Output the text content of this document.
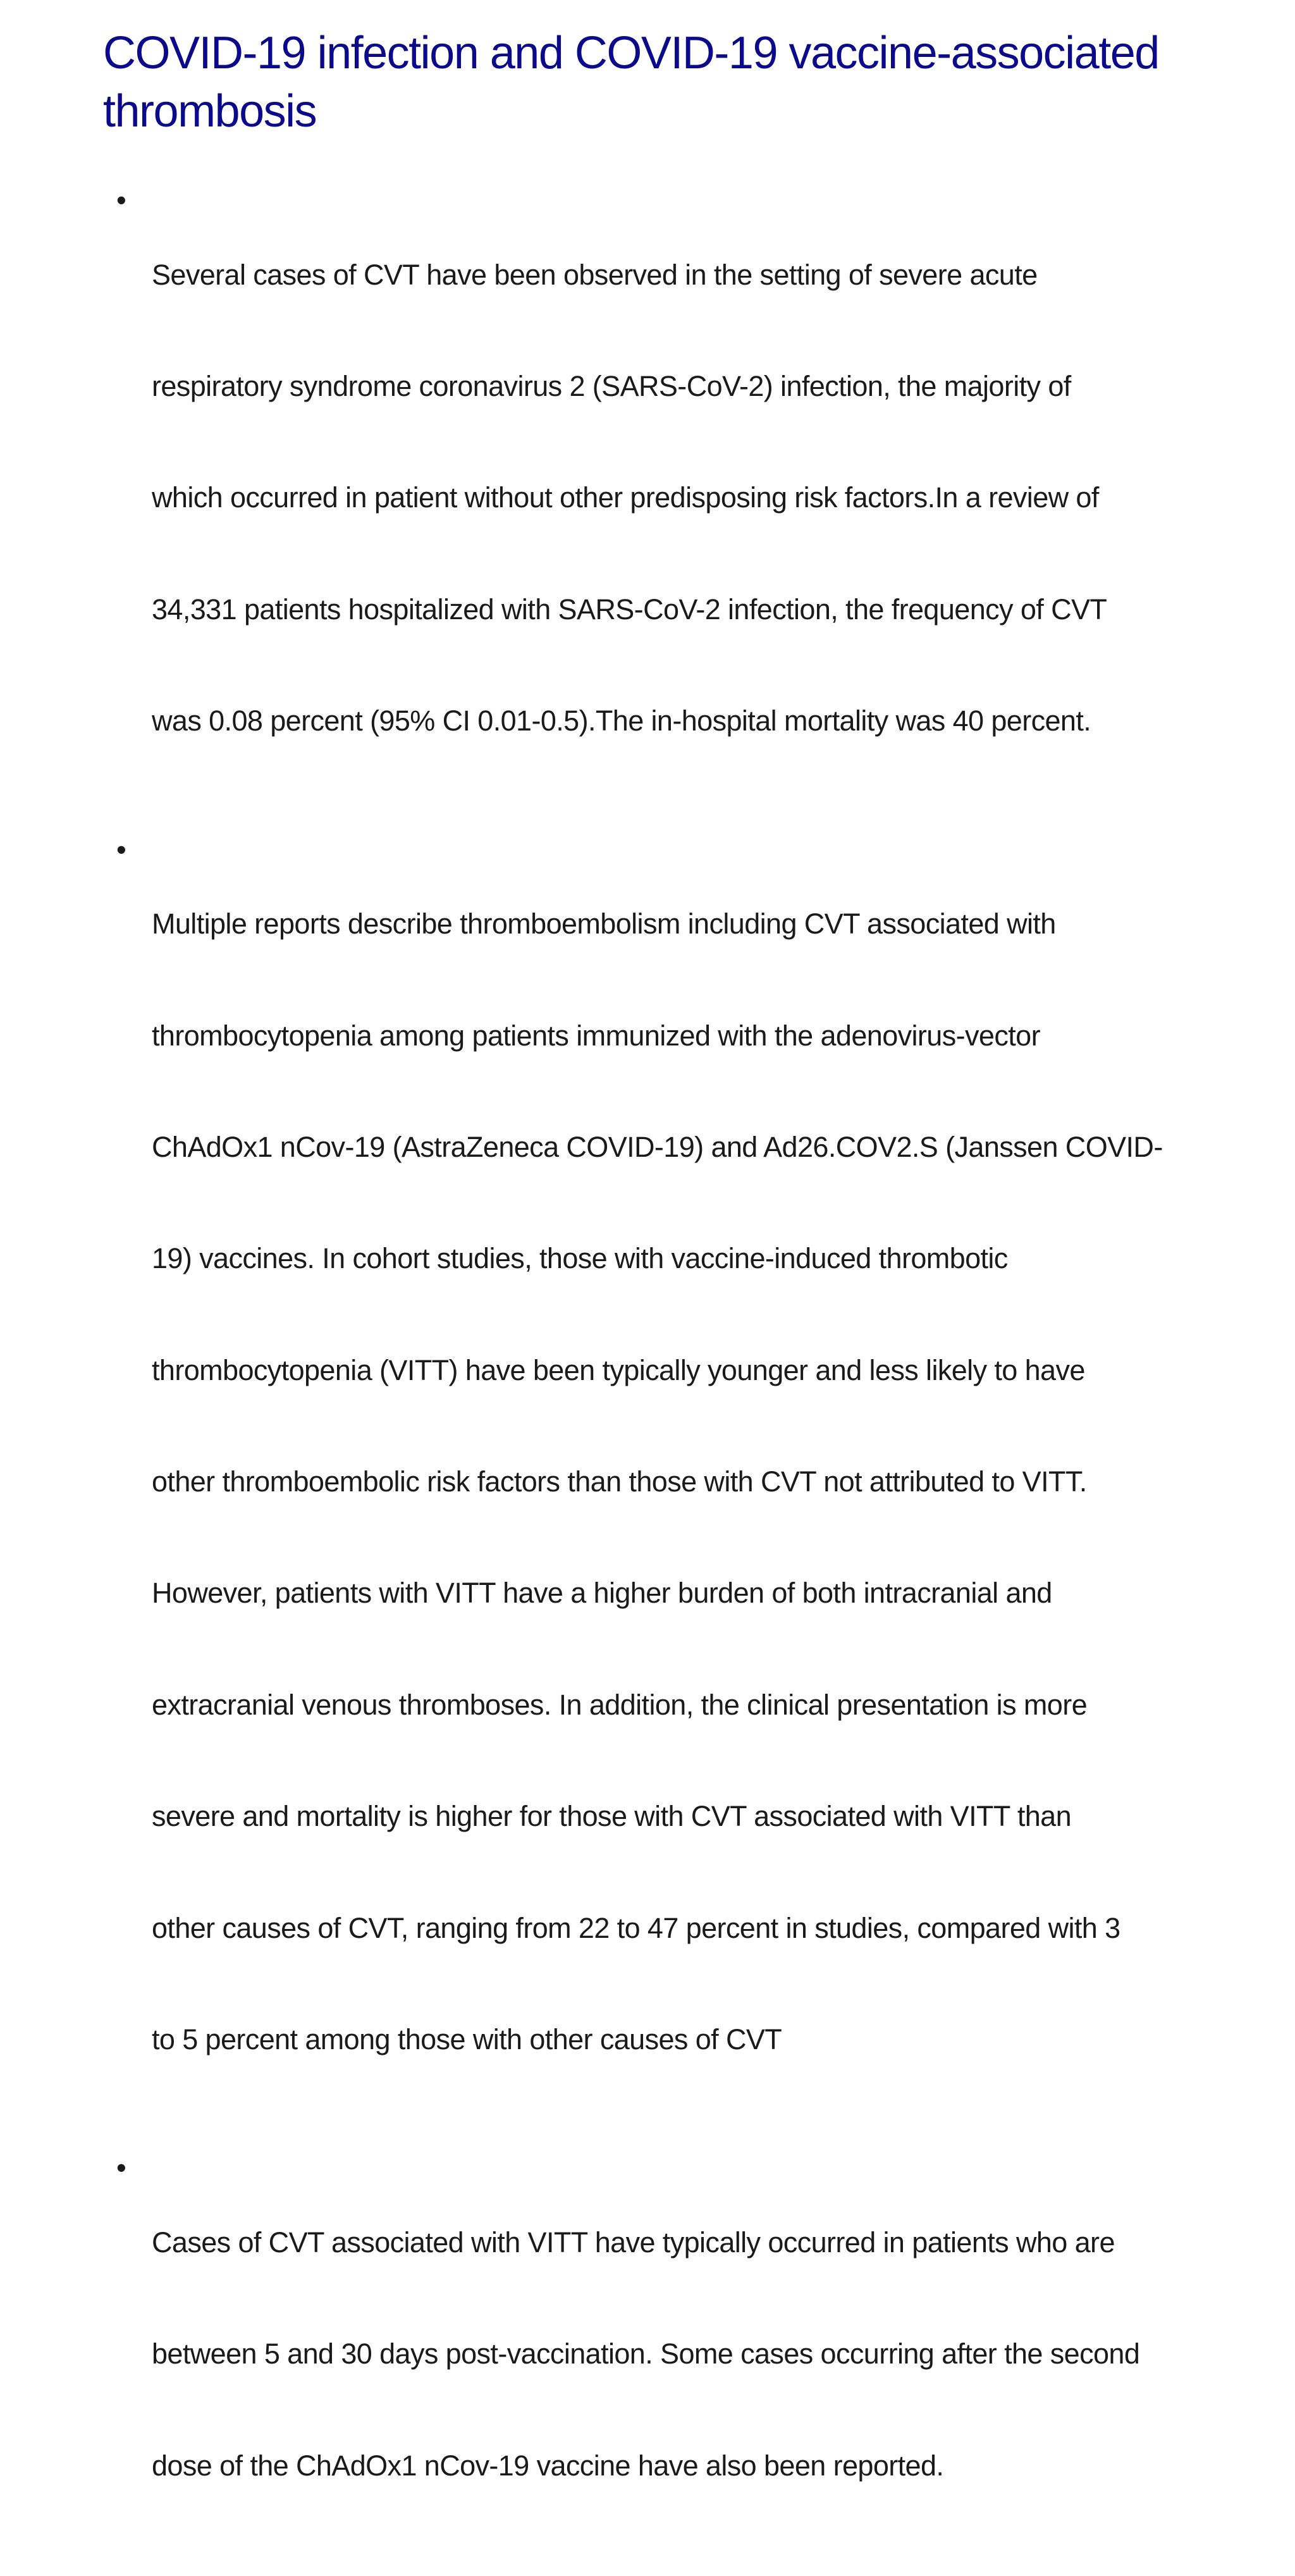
COVID-19 infection and COVID-19 vaccine-associated
thrombosis
•

Several cases of CVT have been observed in the setting of severe acute

respiratory syndrome coronavirus 2 (SARS-CoV-2) infection, the majority of

which occurred in patient without other predisposing risk factors.In a review of

34,331 patients hospitalized with SARS-CoV-2 infection, the frequency of CVT

was 0.08 percent (95% CI 0.01-0.5).The in-hospital mortality was 40 percent.

•

Multiple reports describe thromboembolism including CVT associated with

thrombocytopenia among patients immunized with the adenovirus-vector

ChAdOx1 nCov-19 (AstraZeneca COVID-19) and Ad26.COV2.S (Janssen COVID-

19) vaccines. In cohort studies, those with vaccine-induced thrombotic

thrombocytopenia (VITT) have been typically younger and less likely to have

other thromboembolic risk factors than those with CVT not attributed to VITT.

However, patients with VITT have a higher burden of both intracranial and

extracranial venous thromboses. In addition, the clinical presentation is more

severe and mortality is higher for those with CVT associated with VITT than

other causes of CVT, ranging from 22 to 47 percent in studies, compared with 3

to 5 percent among those with other causes of CVT

•

Cases of CVT associated with VITT have typically occurred in patients who are

between 5 and 30 days post-vaccination. Some cases occurring after the second

dose of the ChAdOx1 nCov-19 vaccine have also been reported.
